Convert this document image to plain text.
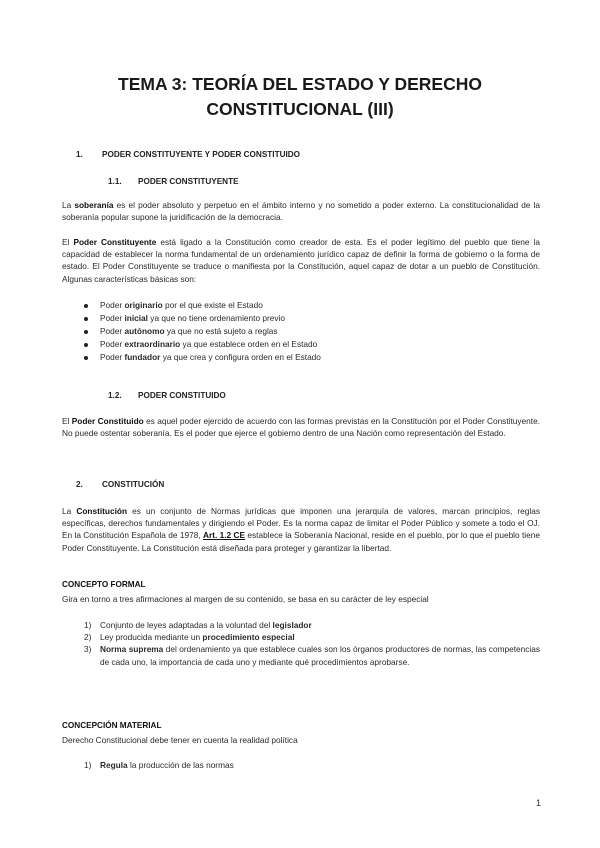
TEMA 3: TEORÍA DEL ESTADO Y DERECHO CONSTITUCIONAL (III)
1. PODER CONSTITUYENTE Y PODER CONSTITUIDO
1.1. PODER CONSTITUYENTE
La soberanía es el poder absoluto y perpetuo en el ámbito interno y no sometido a poder externo. La constitucionalidad de la soberanía popular supone la juridificación de la democracia.
El Poder Constituyente está ligado a la Constitución como creador de esta. Es el poder legítimo del pueblo que tiene la capacidad de establecer la norma fundamental de un ordenamiento jurídico capaz de definir la forma de gobierno o la forma de estado. El Poder Constituyente se traduce o manifiesta por la Constitución, aquel capaz de dotar a un pueblo de Constitución. Algunas características básicas son:
Poder originario por el que existe el Estado
Poder inicial ya que no tiene ordenamiento previo
Poder autónomo ya que no está sujeto a reglas
Poder extraordinario ya que establece orden en el Estado
Poder fundador ya que crea y configura orden en el Estado
1.2. PODER CONSTITUIDO
El Poder Constituido es aquel poder ejercido de acuerdo con las formas previstas en la Constitución por el Poder Constituyente. No puede ostentar soberanía. Es el poder que ejerce el gobierno dentro de una Nación como representación del Estado.
2. CONSTITUCIÓN
La Constitución es un conjunto de Normas jurídicas que imponen una jerarquía de valores, marcan principios, reglas específicas, derechos fundamentales y dirigiendo el Poder. Es la norma capaz de limitar el Poder Público y somete a todo el OJ. En la Constitución Española de 1978, Art. 1.2 CE establece la Soberanía Nacional, reside en el pueblo, por lo que el pueblo tiene Poder Constituyente. La Constitución está diseñada para proteger y garantizar la libertad.
CONCEPTO FORMAL
Gira en torno a tres afirmaciones al margen de su contenido, se basa en su carácter de ley especial
1) Conjunto de leyes adaptadas a la voluntad del legislador
2) Ley producida mediante un procedimiento especial
3) Norma suprema del ordenamiento ya que establece cuales son los órganos productores de normas, las competencias de cada uno, la importancia de cada uno y mediante qué procedimientos aprobarse.
CONCEPCIÓN MATERIAL
Derecho Constitucional debe tener en cuenta la realidad política
1) Regula la producción de las normas
1
